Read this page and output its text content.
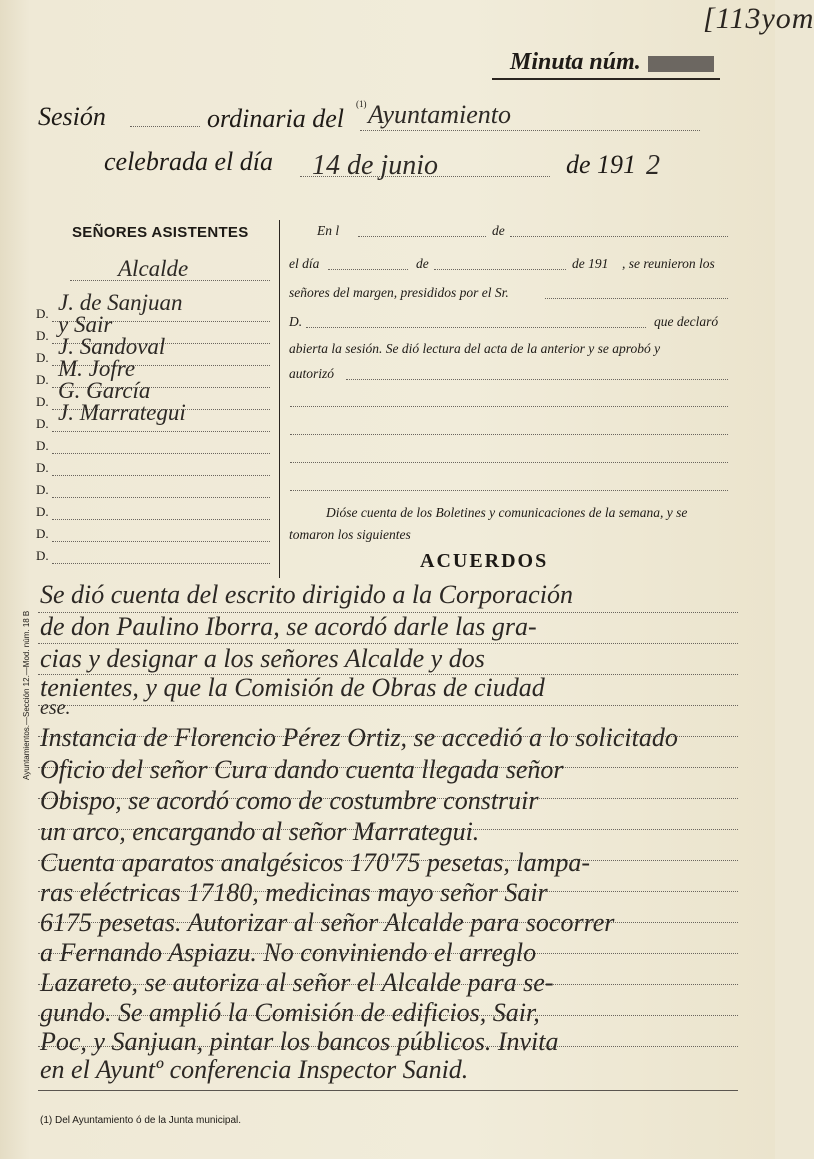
[113yom
Minuta núm.
Sesión	ordinaria del (1) Ayuntamiento
celebrada el día 14 de junio	de 191 2
SEÑORES ASISTENTES
Alcalde
D. J. de Sanjuan
D. y Sair
D. J. Sandoval
D. M. Jofre
D. G. García
D. J. Marrategui
D.
D.
D.
D.
D.
D.
En l	de
el día	de	de 191 , se reunieron los
señores del margen, presididos por el Sr.
D.	que declaró
abierta la sesión. Se dió lectura del acta de la anterior y se aprobó y
autorizó
Dióse cuenta de los Boletines y comunicaciones de la semana, y se
tomaron los siguientes
ACUERDOS
Ayuntamientos.—Sección 12.—Mod. núm. 18 B
Se dió cuenta del escrito dirigido a la Corporación
de don Paulino Iborra, se acordó darle las gra-
cias y designar a los señores Alcalde y dos
tenientes, y que la Comisión de Obras de ciudad
ese.
Instancia de Florencio Pérez Ortiz, se accedió a lo solicitado
Oficio del señor Cura dando cuenta llegada señor
Obispo, se acordó como de costumbre construir
un arco, encargando al señor Marrategui.
Cuenta aparatos analgésicos 170'75 pesetas, lampa-
ras eléctricas 17180, medicinas mayo señor Sair
6175 pesetas. Autorizar al señor Alcalde para socorrer
a Fernando Aspiazu. No conviniendo el arreglo
Lazareto, se autoriza al señor el Alcalde para se-
gundo. Se amplió la Comisión de edificios, Sair,
Poc, y Sanjuan, pintar los bancos públicos. Invita
en el Ayuntº conferencia Inspector Sanid.
(1) Del Ayuntamiento ó de la Junta municipal.
